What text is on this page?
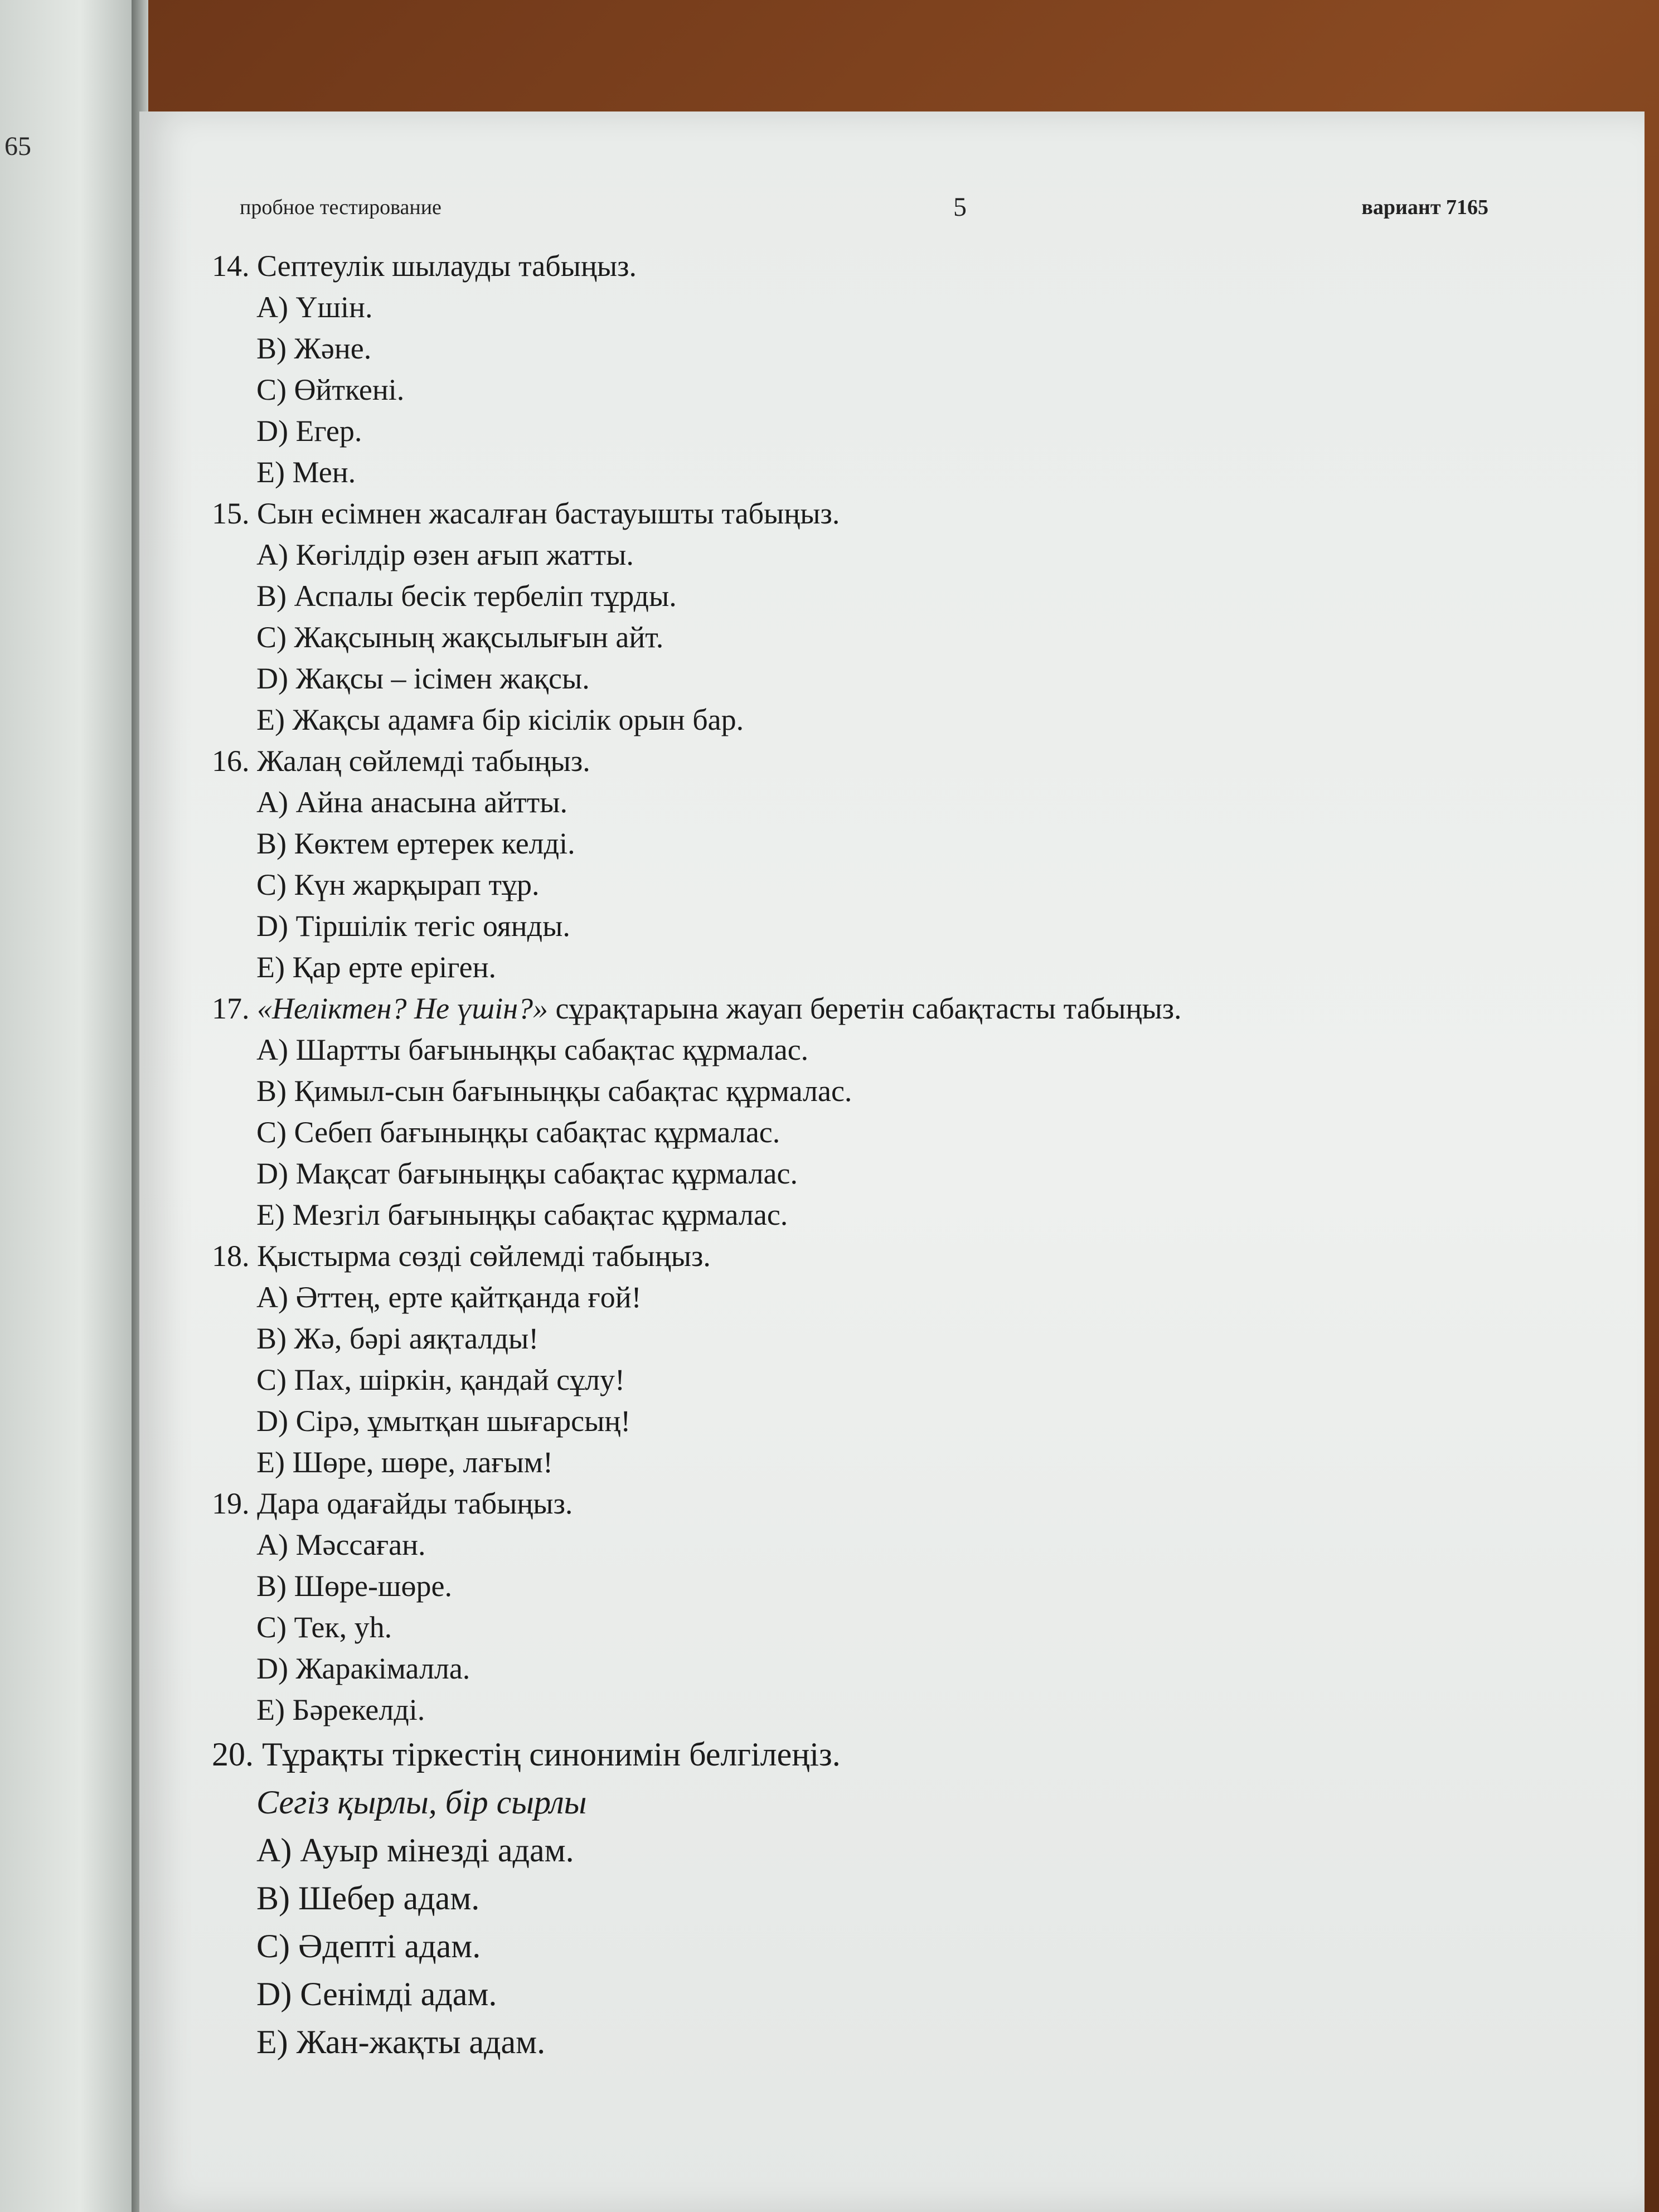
65
пробное тестирование	5	вариант 7165
14. Септеулік шылауды табыңыз.
A) Үшін.
B) Және.
C) Өйткені.
D) Егер.
E) Мен.
15. Сын есімнен жасалған бастауышты табыңыз.
A) Көгілдір өзен ағып жатты.
B) Аспалы бесік тербеліп тұрды.
C) Жақсының жақсылығын айт.
D) Жақсы – ісімен жақсы.
E) Жақсы адамға бір кісілік орын бар.
16. Жалаң сөйлемді табыңыз.
A) Айна анасына айтты.
B) Көктем ертерек келді.
C) Күн жарқырап тұр.
D) Тіршілік тегіс оянды.
E) Қар ерте еріген.
17. «Неліктен? Не үшін?» сұрақтарына жауап беретін сабақтасты табыңыз.
A) Шартты бағыныңқы сабақтас құрмалас.
B) Қимыл-сын бағыныңқы сабақтас құрмалас.
C) Себеп бағыныңқы сабақтас құрмалас.
D) Мақсат бағыныңқы сабақтас құрмалас.
E) Мезгіл бағыныңқы сабақтас құрмалас.
18. Қыстырма сөзді сөйлемді табыңыз.
A) Әттең, ерте қайтқанда ғой!
B) Жә, бәрі аяқталды!
C) Пах, шіркін, қандай сұлу!
D) Сірә, ұмытқан шығарсың!
E) Шөре, шөре, лағым!
19. Дара одағайды табыңыз.
A) Мәссаған.
B) Шөре-шөре.
C) Тек, уһ.
D) Жаракімалла.
E) Бәрекелді.
20. Тұрақты тіркестің синонимін белгілеңіз.
Сегіз қырлы, бір сырлы
A) Ауыр мінезді адам.
B) Шебер адам.
C) Әдепті адам.
D) Сенімді адам.
E) Жан-жақты адам.
